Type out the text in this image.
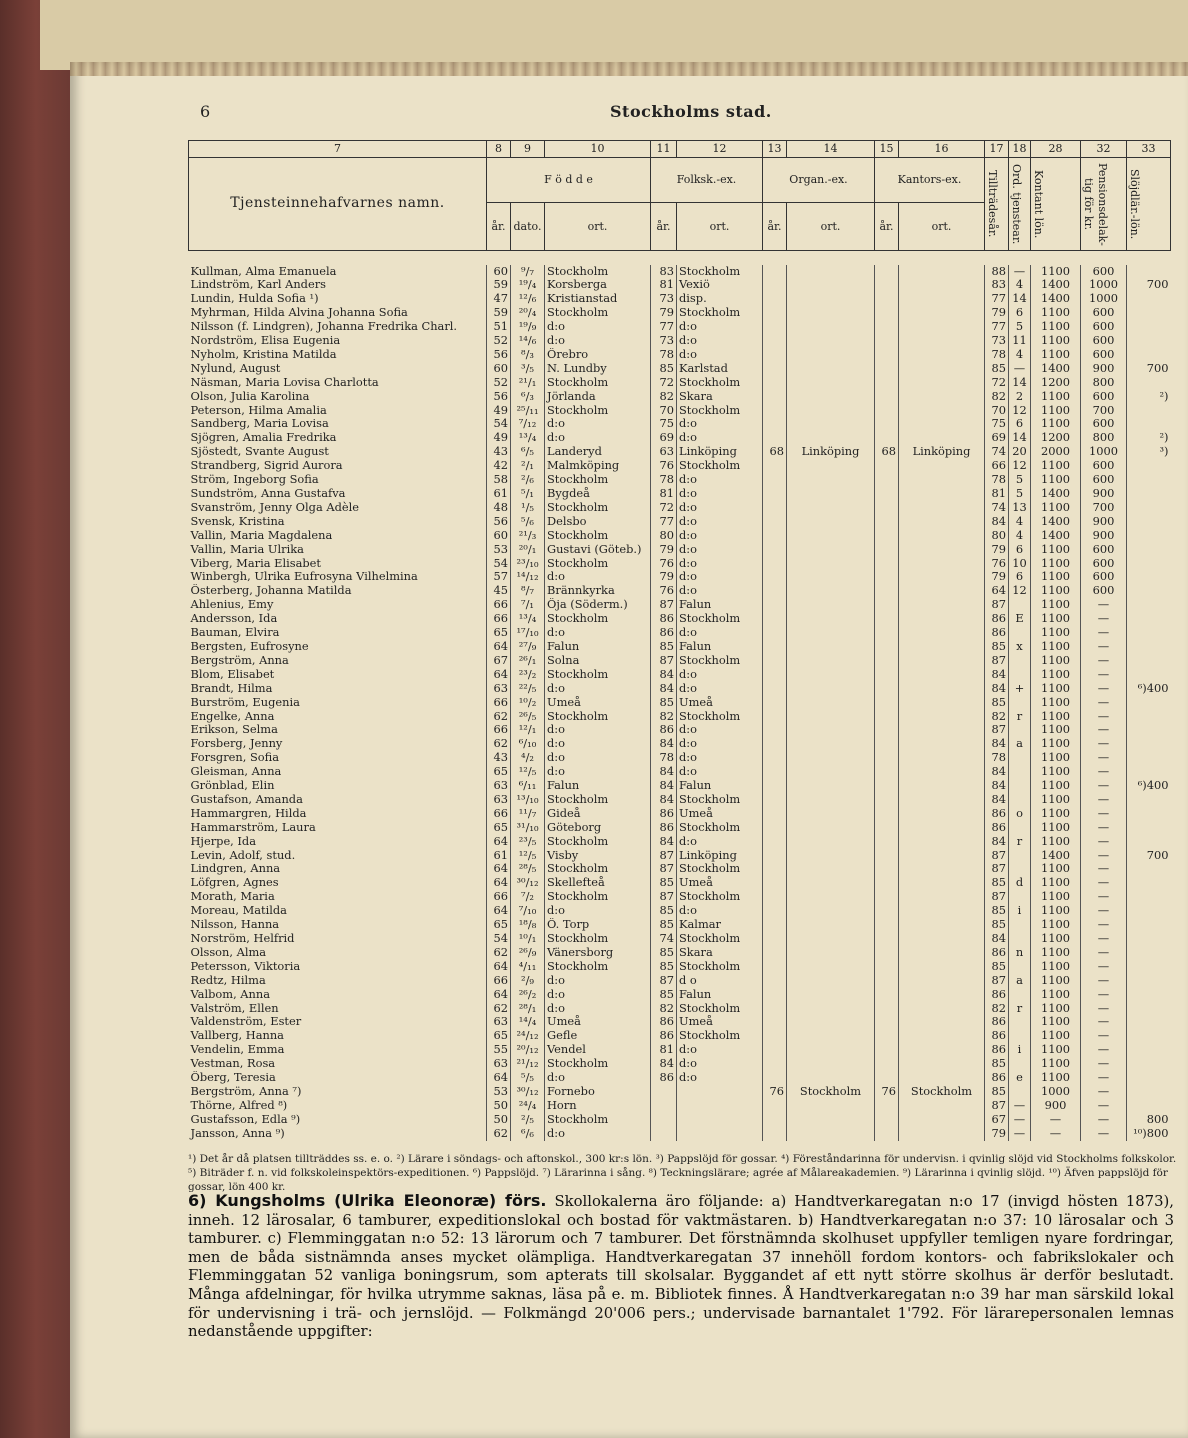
6	Stockholms stad.
7	8	9	10	11	12	13	14	15	16	17	18	28	32	33
Tjensteinnehafvarnes namn.	F ö d d e			Folksk.-ex.		Organ.-ex.		Kantors-ex.		Tillträdesår.	Ord. tjenstear.	Kontant lön.	Pensionsdelak-tig för kr.	Slöjdlär.-lön.

	år.	dato.	ort.	år.	ort.	år.	ort.	år.	ort.					

Kullman, Alma Emanuela	60	⁹/₇	Stockholm	83	Stockholm					88	—	1100	600	
Lindström, Karl Anders	59	¹⁹/₄	Korsberga	81	Vexiö					83	4	1400	1000	700
Lundin, Hulda Sofia ¹)	47	¹²/₆	Kristianstad	73	disp.					77	14	1400	1000	
Myhrman, Hilda Alvina Johanna Sofia	59	²⁰/₄	Stockholm	79	Stockholm					79	6	1100	600	
Nilsson (f. Lindgren), Johanna Fredrika Charl.	51	¹⁹/₉	d:o	77	d:o					77	5	1100	600	
Nordström, Elisa Eugenia	52	¹⁴/₆	d:o	73	d:o					73	11	1100	600	
Nyholm, Kristina Matilda	56	⁸/₃	Örebro	78	d:o					78	4	1100	600	
Nylund, August	60	³/₅	N. Lundby	85	Karlstad					85	—	1400	900	700
Näsman, Maria Lovisa Charlotta	52	²¹/₁	Stockholm	72	Stockholm					72	14	1200	800	
Olson, Julia Karolina	56	⁶/₃	Jörlanda	82	Skara					82	2	1100	600	²)
Peterson, Hilma Amalia	49	²⁵/₁₁	Stockholm	70	Stockholm					70	12	1100	700	
Sandberg, Maria Lovisa	54	⁷/₁₂	d:o	75	d:o					75	6	1100	600	
Sjögren, Amalia Fredrika	49	¹³/₄	d:o	69	d:o					69	14	1200	800	²)
Sjöstedt, Svante August	43	⁶/₅	Landeryd	63	Linköping	68	Linköping	68	Linköping	74	20	2000	1000	³)
Strandberg, Sigrid Aurora	42	²/₁	Malmköping	76	Stockholm					66	12	1100	600	
Ström, Ingeborg Sofia	58	²/₆	Stockholm	78	d:o					78	5	1100	600	
Sundström, Anna Gustafva	61	⁵/₁	Bygdeå	81	d:o					81	5	1400	900	
Svanström, Jenny Olga Adèle	48	¹/₅	Stockholm	72	d:o					74	13	1100	700	
Svensk, Kristina	56	⁵/₆	Delsbo	77	d:o					84	4	1400	900	
Vallin, Maria Magdalena	60	²¹/₃	Stockholm	80	d:o					80	4	1400	900	
Vallin, Maria Ulrika	53	²⁰/₁	Gustavi (Göteb.)	79	d:o					79	6	1100	600	
Viberg, Maria Elisabet	54	²³/₁₀	Stockholm	76	d:o					76	10	1100	600	
Winbergh, Ulrika Eufrosyna Vilhelmina	57	¹⁴/₁₂	d:o	79	d:o					79	6	1100	600	
Österberg, Johanna Matilda	45	⁸/₇	Brännkyrka	76	d:o					64	12	1100	600	
Ahlenius, Emy	66	⁷/₁	Öja (Söderm.)	87	Falun					87		1100	—	
Andersson, Ida	66	¹³/₄	Stockholm	86	Stockholm					86	E	1100	—	
Bauman, Elvira	65	¹⁷/₁₀	d:o	86	d:o					86		1100	—	
Bergsten, Eufrosyne	64	²⁷/₉	Falun	85	Falun					85	x	1100	—	
Bergström, Anna	67	²⁶/₁	Solna	87	Stockholm					87		1100	—	
Blom, Elisabet	64	²³/₂	Stockholm	84	d:o					84		1100	—	
Brandt, Hilma	63	²²/₅	d:o	84	d:o					84	+	1100	—	⁶)400
Burström, Eugenia	66	¹⁰/₂	Umeå	85	Umeå					85		1100	—	
Engelke, Anna	62	²⁶/₅	Stockholm	82	Stockholm					82	r	1100	—	
Erikson, Selma	66	¹²/₁	d:o	86	d:o					87		1100	—	
Forsberg, Jenny	62	⁶/₁₀	d:o	84	d:o					84	a	1100	—	
Forsgren, Sofia	43	⁴/₂	d:o	78	d:o					78		1100	—	
Gleisman, Anna	65	¹²/₅	d:o	84	d:o					84		1100	—	
Grönblad, Elin	63	⁶/₁₁	Falun	84	Falun					84		1100	—	⁶)400
Gustafson, Amanda	63	¹³/₁₀	Stockholm	84	Stockholm					84		1100	—	
Hammargren, Hilda	66	¹¹/₇	Gideå	86	Umeå					86	o	1100	—	
Hammarström, Laura	65	³¹/₁₀	Göteborg	86	Stockholm					86		1100	—	
Hjerpe, Ida	64	²³/₅	Stockholm	84	d:o					84	r	1100	—	
Levin, Adolf, stud.	61	¹²/₅	Visby	87	Linköping					87		1400	—	700
Lindgren, Anna	64	²⁸/₅	Stockholm	87	Stockholm					87		1100	—	
Löfgren, Agnes	64	³⁰/₁₂	Skellefteå	85	Umeå					85	d	1100	—	
Morath, Maria	66	⁷/₂	Stockholm	87	Stockholm					87		1100	—	
Moreau, Matilda	64	⁷/₁₀	d:o	85	d:o					85	i	1100	—	
Nilsson, Hanna	65	¹⁸/₈	Ö. Torp	85	Kalmar					85		1100	—	
Norström, Helfrid	54	¹⁰/₁	Stockholm	74	Stockholm					84		1100	—	
Olsson, Alma	62	²⁶/₉	Vänersborg	85	Skara					86	n	1100	—	
Petersson, Viktoria	64	⁴/₁₁	Stockholm	85	Stockholm					85		1100	—	
Redtz, Hilma	66	²/₉	d:o	87	d o					87	a	1100	—	
Valbom, Anna	64	²⁶/₂	d:o	85	Falun					86		1100	—	
Valström, Ellen	62	²⁸/₁	d:o	82	Stockholm					82	r	1100	—	
Valdenström, Ester	63	¹⁴/₄	Umeå	86	Umeå					86		1100	—	
Vallberg, Hanna	65	²⁴/₁₂	Gefle	86	Stockholm					86		1100	—	
Vendelin, Emma	55	²⁰/₁₂	Vendel	81	d:o					86	i	1100	—	
Vestman, Rosa	63	²¹/₁₂	Stockholm	84	d:o					85		1100	—	
Öberg, Teresia	64	⁵/₅	d:o	86	d:o					86	e	1100	—	
Bergström, Anna ⁷)	53	³⁰/₁₂	Fornebo			76	Stockholm	76	Stockholm	85		1000	—	
Thörne, Alfred ⁸)	50	²⁴/₄	Horn							87	—	900	—	
Gustafsson, Edla ⁹)	50	²/₅	Stockholm							67	—	—	—	800
Jansson, Anna ⁹)	62	⁶/₆	d:o							79	—	—	—	¹⁰)800
¹) Det år då platsen tillträddes ss. e. o. ²) Lärare i söndags- och aftonskol., 300 kr:s lön. ³) Pappslöjd för gossar. ⁴) Föreståndarinna för undervisn. i qvinlig slöjd vid Stockholms folkskolor. ⁵) Biträder f. n. vid folkskoleinspektörs-expeditionen. ⁶) Pappslöjd. ⁷) Lärarinna i sång. ⁸) Teckningslärare; agrée af Målareakademien. ⁹) Lärarinna i qvinlig slöjd. ¹⁰) Äfven pappslöjd för gossar, lön 400 kr.
6) Kungsholms (Ulrika Eleonoræ) förs. Skollokalerna äro följande: a) Handtverkaregatan n:o 17 (invigd hösten 1873), inneh. 12 lärosalar, 6 tamburer, expeditionslokal och bostad för vaktmästaren. b) Handtverkaregatan n:o 37: 10 lärosalar och 3 tamburer. c) Flemminggatan n:o 52: 13 lärorum och 7 tamburer. Det förstnämnda skolhuset uppfyller temligen nyare fordringar, men de båda sistnämnda anses mycket olämpliga. Handtverkaregatan 37 innehöll fordom kontors- och fabrikslokaler och Flemminggatan 52 vanliga boningsrum, som apterats till skolsalar. Byggandet af ett nytt större skolhus är derför beslutadt. Många afdelningar, för hvilka utrymme saknas, läsa på e. m. Bibliotek finnes. Å Handtverkaregatan n:o 39 har man särskild lokal för undervisning i trä- och jernslöjd. — Folkmängd 20'006 pers.; undervisade barnantalet 1'792. För lärarepersonalen lemnas nedanstående uppgifter:
